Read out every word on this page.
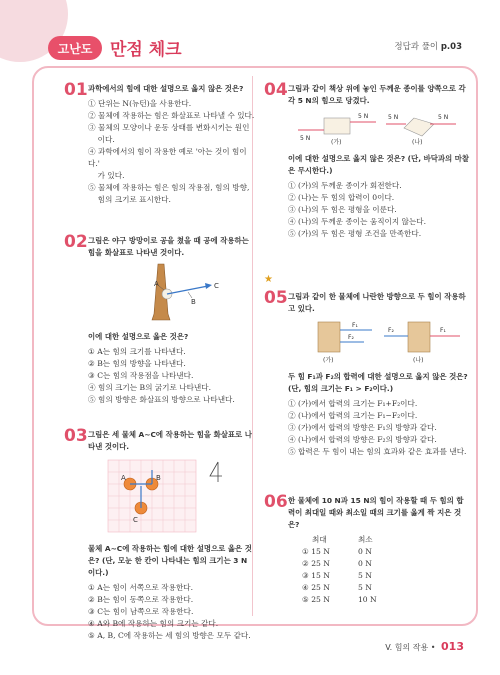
고난도	만점 체크	정답과 풀이 p.03
01 과학에서의 힘에 대한 설명으로 옳지 않은 것은?
① 단위는 N(뉴턴)을 사용한다.
② 물체에 작용하는 힘은 화살표로 나타낼 수 있다.
③ 물체의 모양이나 운동 상태를 변화시키는 원인
이다.
④ 과학에서의 힘이 작용한 예로 '아는 것이 힘이다.'
가 있다.
⑤ 물체에 작용하는 힘은 힘의 작용점, 힘의 방향,
힘의 크기로 표시한다.
02 그림은 야구 방망이로 공을 쳤을 때 공에 작용하는 힘을 화살표로 나타낸 것이다.
A
B
C
이에 대한 설명으로 옳은 것은?
① A는 힘의 크기를 나타낸다.
② B는 힘의 방향을 나타낸다.
③ C는 힘의 작용점을 나타낸다.
④ 힘의 크기는 B의 굵기로 나타낸다.
⑤ 힘의 방향은 화살표의 방향으로 나타낸다.
03 그림은 세 물체 A~C에 작용하는 힘을 화살표로 나타낸 것이다.
A	B
C
물체 A~C에 작용하는 힘에 대한 설명으로 옳은 것은? (단, 모눈 한 칸이 나타내는 힘의 크기는 3 N이다.)
① A는 힘이 서쪽으로 작용한다.
② B는 힘이 동쪽으로 작용한다.
③ C는 힘이 남쪽으로 작용한다.
④ A와 B에 작용하는 힘의 크기는 같다.
⑤ A, B, C에 작용하는 세 힘의 방향은 모두 같다.
04 그림과 같이 책상 위에 놓인 두께운 종이를 양쪽으로 각각 5 N의 힘으로 당겼다.
5 N
5 N	5 N	5 N
(가)	(나)
이에 대한 설명으로 옳지 않은 것은? (단, 바닥과의 마찰은 무시한다.)
① (가)의 두께운 종이가 회전한다.
② (나)는 두 힘의 합력이 0이다.
③ (나)의 두 힘은 평형을 이룬다.
④ (나)의 두께운 종이는 움직이지 않는다.
⑤ (가)의 두 힘은 평형 조건을 만족한다.
★
05 그림과 같이 한 물체에 나란한 방향으로 두 힘이 작용하고 있다.
F₁
F₂
F₂	F₁
(가)	(나)
두 힘 F₁과 F₂의 합력에 대한 설명으로 옳지 않은 것은? (단, 힘의 크기는 F₁ > F₂이다.)
① (가)에서 합력의 크기는 F₁+F₂이다.
② (나)에서 합력의 크기는 F₁−F₂이다.
③ (가)에서 합력의 방향은 F₁의 방향과 같다.
④ (나)에서 합력의 방향은 F₂의 방향과 같다.
⑤ 합력은 두 힘이 내는 힘의 효과와 같은 효과를 낸다.
06 한 물체에 10 N과 15 N의 힘이 작용할 때 두 힘의 합력이 최대일 때와 최소일 때의 크기를 옳게 짝 지은 것은?
최대	최소
① 15 N	0 N
② 25 N	0 N
③ 15 N	5 N
④ 25 N	5 N
⑤ 25 N	10 N
V. 힘의 작용 • 013
